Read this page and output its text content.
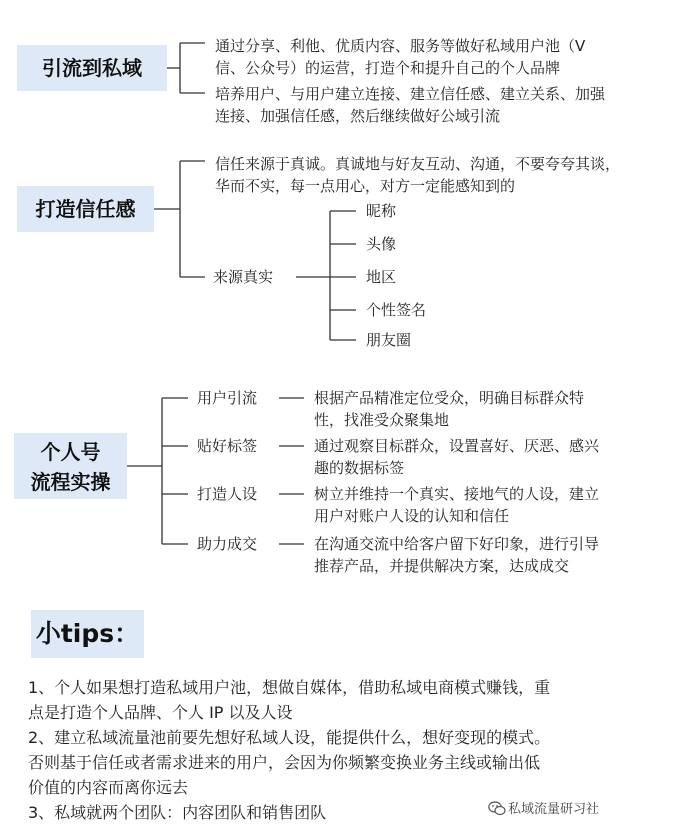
引流到私域
通过分享、利他、优质内容、服务等做好私域用户池（V
信、公众号）的运营，打造个和提升自己的个人品牌
培养用户、与用户建立连接、建立信任感、建立关系、加强
连接、加强信任感，然后继续做好公域引流
打造信任感
信任来源于真诚。真诚地与好友互动、沟通，不要夸夸其谈，
华而不实，每一点用心，对方一定能感知到的
来源真实
昵称
头像
地区
个性签名
朋友圈
个人号
流程实操
用户引流	根据产品精准定位受众，明确目标群众特
性，找准受众聚集地
贴好标签	通过观察目标群众，设置喜好、厌恶、感兴
趣的数据标签
打造人设	树立并维持一个真实、接地气的人设，建立
用户对账户人设的认知和信任
助力成交	在沟通交流中给客户留下好印象，进行引导
推荐产品，并提供解决方案，达成成交
小tips：
1、个人如果想打造私域用户池，想做自媒体，借助私域电商模式赚钱，重
点是打造个人品牌、个人 IP 以及人设
2、建立私域流量池前要先想好私域人设，能提供什么，想好变现的模式。
否则基于信任或者需求进来的用户，会因为你频繁变换业务主线或输出低
价值的内容而离你远去
3、私域就两个团队：内容团队和销售团队	私域流量研习社
